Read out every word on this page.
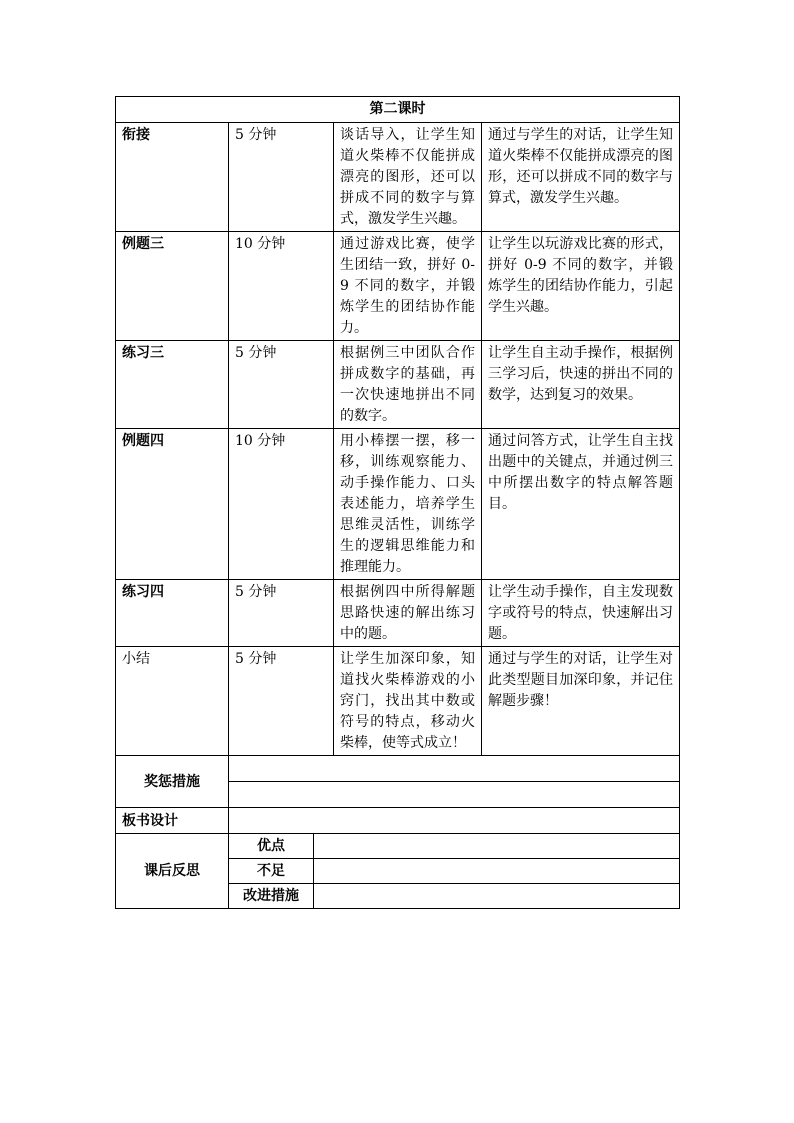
第二课时				
衔接	5 分钟		谈话导入，让学生知道火柴棒不仅能拼成漂亮的图形，还可以拼成不同的数字与算式，激发学生兴趣。	通过与学生的对话，让学生知道火柴棒不仅能拼成漂亮的图形，还可以拼成不同的数字与算式，激发学生兴趣。
例题三	10 分钟		通过游戏比赛，使学生团结一致，拼好 0-9 不同的数字，并锻炼学生的团结协作能力。	让学生以玩游戏比赛的形式，拼好 0-9 不同的数字，并锻炼学生的团结协作能力，引起学生兴趣。
练习三	5 分钟		根据例三中团队合作拼成数字的基础，再一次快速地拼出不同的数字。	让学生自主动手操作，根据例三学习后，快速的拼出不同的数学，达到复习的效果。
例题四	10 分钟		用小棒摆一摆，移一移，训练观察能力、动手操作能力、口头表述能力，培养学生思维灵活性，训练学生的逻辑思维能力和推理能力。	通过问答方式，让学生自主找出题中的关键点，并通过例三中所摆出数字的特点解答题目。
练习四	5 分钟		根据例四中所得解题思路快速的解出练习中的题。	让学生动手操作，自主发现数字或符号的特点，快速解出习题。
小结	5 分钟		让学生加深印象，知道找火柴棒游戏的小窍门，找出其中数或符号的特点，移动火柴棒，使等式成立！	通过与学生的对话，让学生对此类型题目加深印象，并记住解题步骤！
奖惩措施				

板书设计				
课后反思	优点			
	不足			
	改进措施			
